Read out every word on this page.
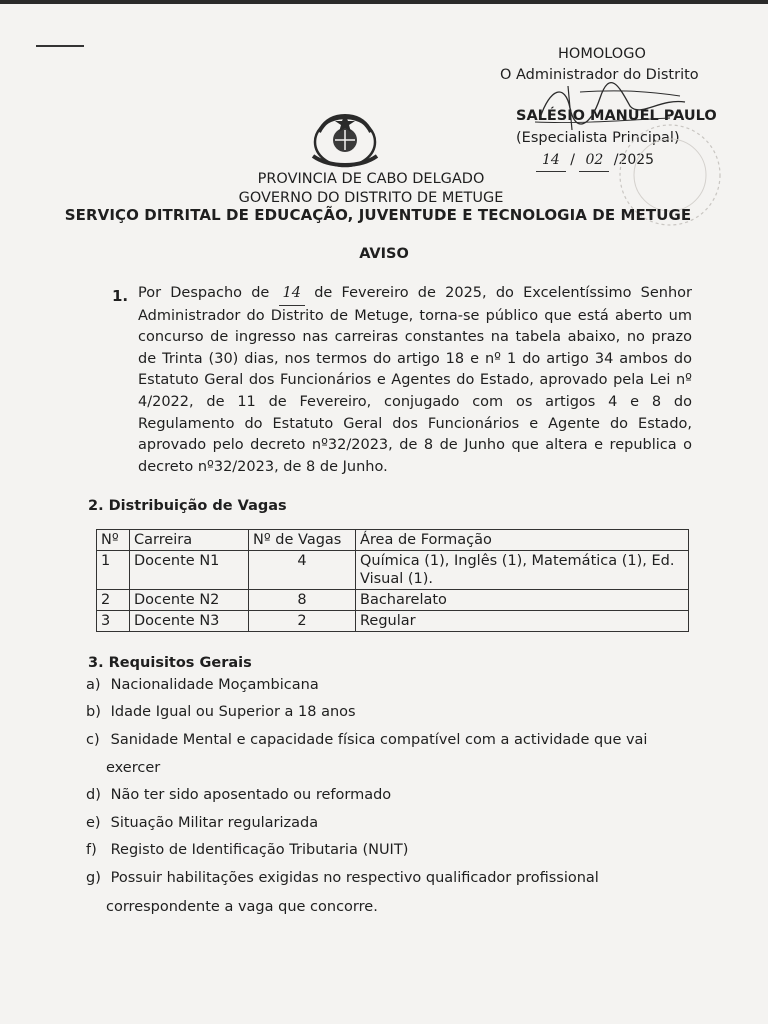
HOMOLOGO
O Administrador do Distrito
SALÉSIO MANUEL PAULO
(Especialista Principal)
14 / 02 /2025
PROVINCIA DE CABO DELGADO
GOVERNO DO DISTRITO DE METUGE
SERVIÇO DITRITAL DE EDUCAÇÃO, JUVENTUDE E TECNOLOGIA DE METUGE
AVISO
1. Por Despacho de 14 de Fevereiro de 2025, do Excelentíssimo Senhor Administrador do Distrito de Metuge, torna-se público que está aberto um concurso de ingresso nas carreiras constantes na tabela abaixo, no prazo de Trinta (30) dias, nos termos do artigo 18 e nº 1 do artigo 34 ambos do Estatuto Geral dos Funcionários e Agentes do Estado, aprovado pela Lei nº 4/2022, de 11 de Fevereiro, conjugado com os artigos 4 e 8 do Regulamento do Estatuto Geral dos Funcionários e Agente do Estado, aprovado pelo decreto nº32/2023, de 8 de Junho que altera e republica o decreto nº32/2023, de 8 de Junho.
2. Distribuição de Vagas
Nº	Carreira	Nº de Vagas	Área de Formação
1	Docente N1	4	Química (1), Inglês (1), Matemática (1), Ed. Visual (1).
2	Docente N2	8	Bacharelato
3	Docente N3	2	Regular
3. Requisitos Gerais
a) Nacionalidade Moçambicana
b) Idade Igual ou Superior a 18 anos
c) Sanidade Mental e capacidade física compatível com a actividade que vai
exercer
d) Não ter sido aposentado ou reformado
e) Situação Militar regularizada
f) Registo de Identificação Tributaria (NUIT)
g) Possuir habilitações exigidas no respectivo qualificador profissional
correspondente a vaga que concorre.
